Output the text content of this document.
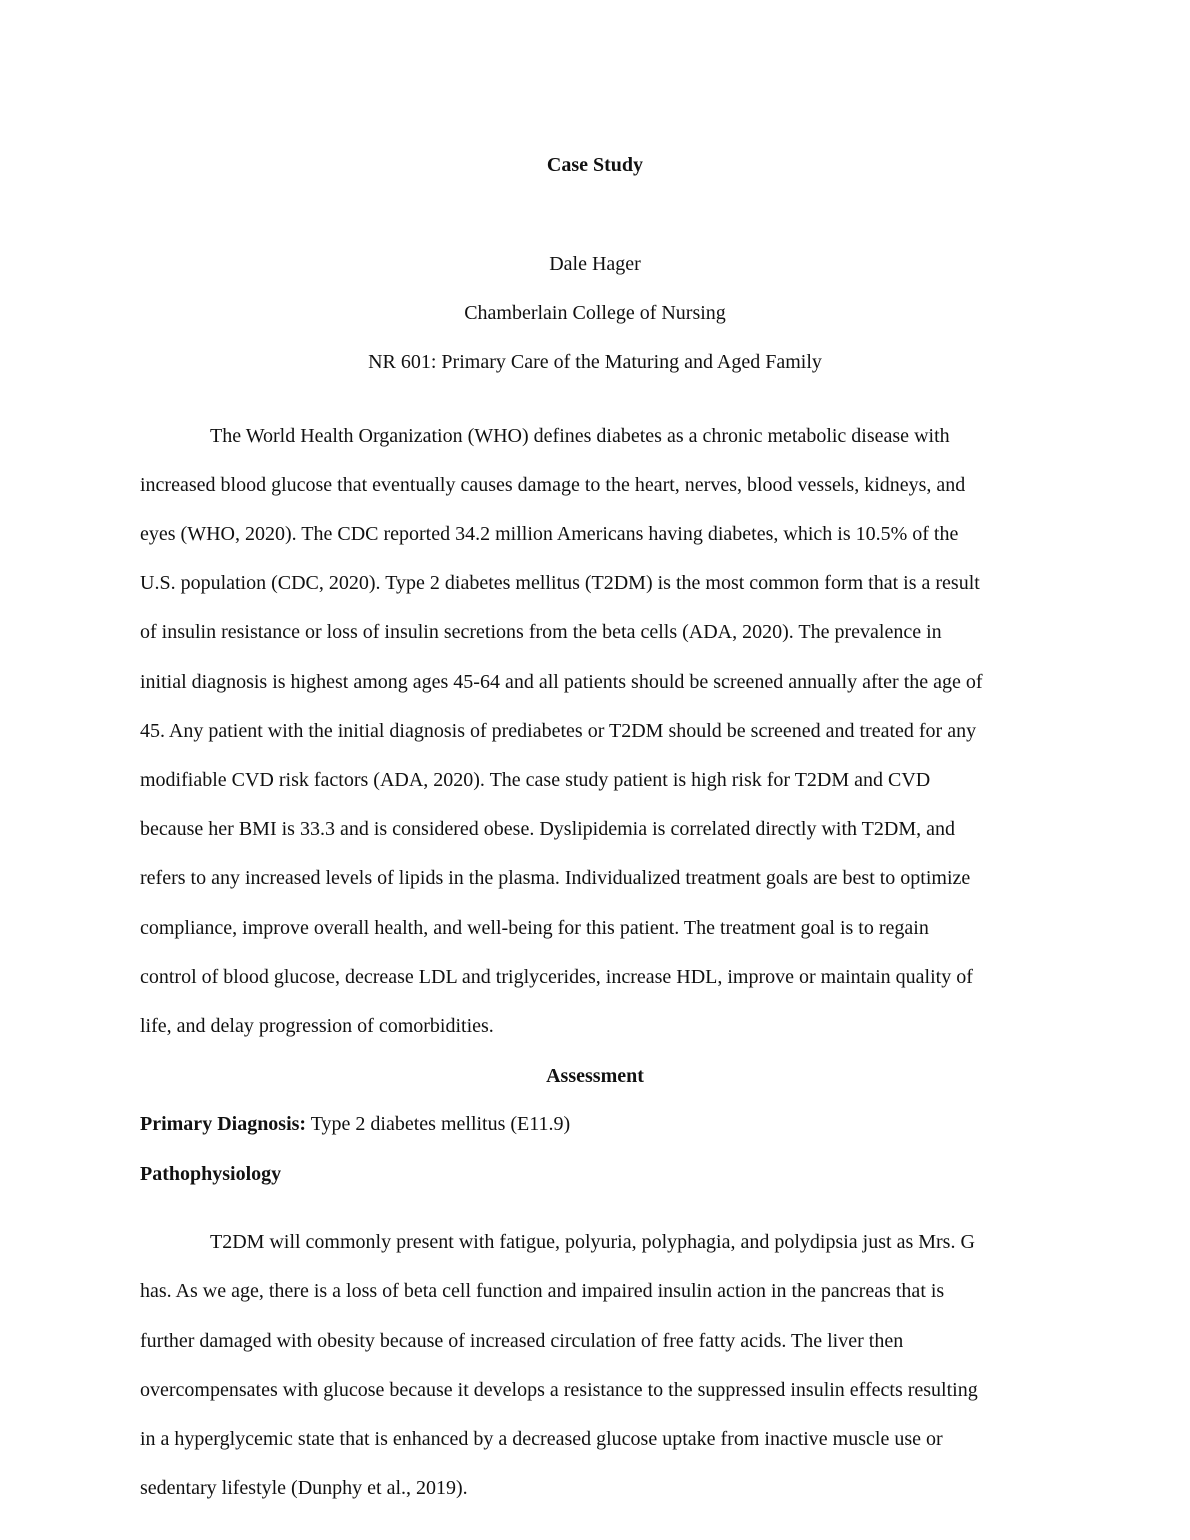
Case Study
Dale Hager
Chamberlain College of Nursing
NR 601: Primary Care of the Maturing and Aged Family
The World Health Organization (WHO) defines diabetes as a chronic metabolic disease with
increased blood glucose that eventually causes damage to the heart, nerves, blood vessels, kidneys, and
eyes (WHO, 2020). The CDC reported 34.2 million Americans having diabetes, which is 10.5% of the
U.S. population (CDC, 2020). Type 2 diabetes mellitus (T2DM) is the most common form that is a result
of insulin resistance or loss of insulin secretions from the beta cells (ADA, 2020). The prevalence in
initial diagnosis is highest among ages 45-64 and all patients should be screened annually after the age of
45. Any patient with the initial diagnosis of prediabetes or T2DM should be screened and treated for any
modifiable CVD risk factors (ADA, 2020). The case study patient is high risk for T2DM and CVD
because her BMI is 33.3 and is considered obese. Dyslipidemia is correlated directly with T2DM, and
refers to any increased levels of lipids in the plasma. Individualized treatment goals are best to optimize
compliance, improve overall health, and well-being for this patient. The treatment goal is to regain
control of blood glucose, decrease LDL and triglycerides, increase HDL, improve or maintain quality of
life, and delay progression of comorbidities.
Assessment
Primary Diagnosis: Type 2 diabetes mellitus (E11.9)
Pathophysiology
T2DM will commonly present with fatigue, polyuria, polyphagia, and polydipsia just as Mrs. G
has. As we age, there is a loss of beta cell function and impaired insulin action in the pancreas that is
further damaged with obesity because of increased circulation of free fatty acids. The liver then
overcompensates with glucose because it develops a resistance to the suppressed insulin effects resulting
in a hyperglycemic state that is enhanced by a decreased glucose uptake from inactive muscle use or
sedentary lifestyle (Dunphy et al., 2019).
